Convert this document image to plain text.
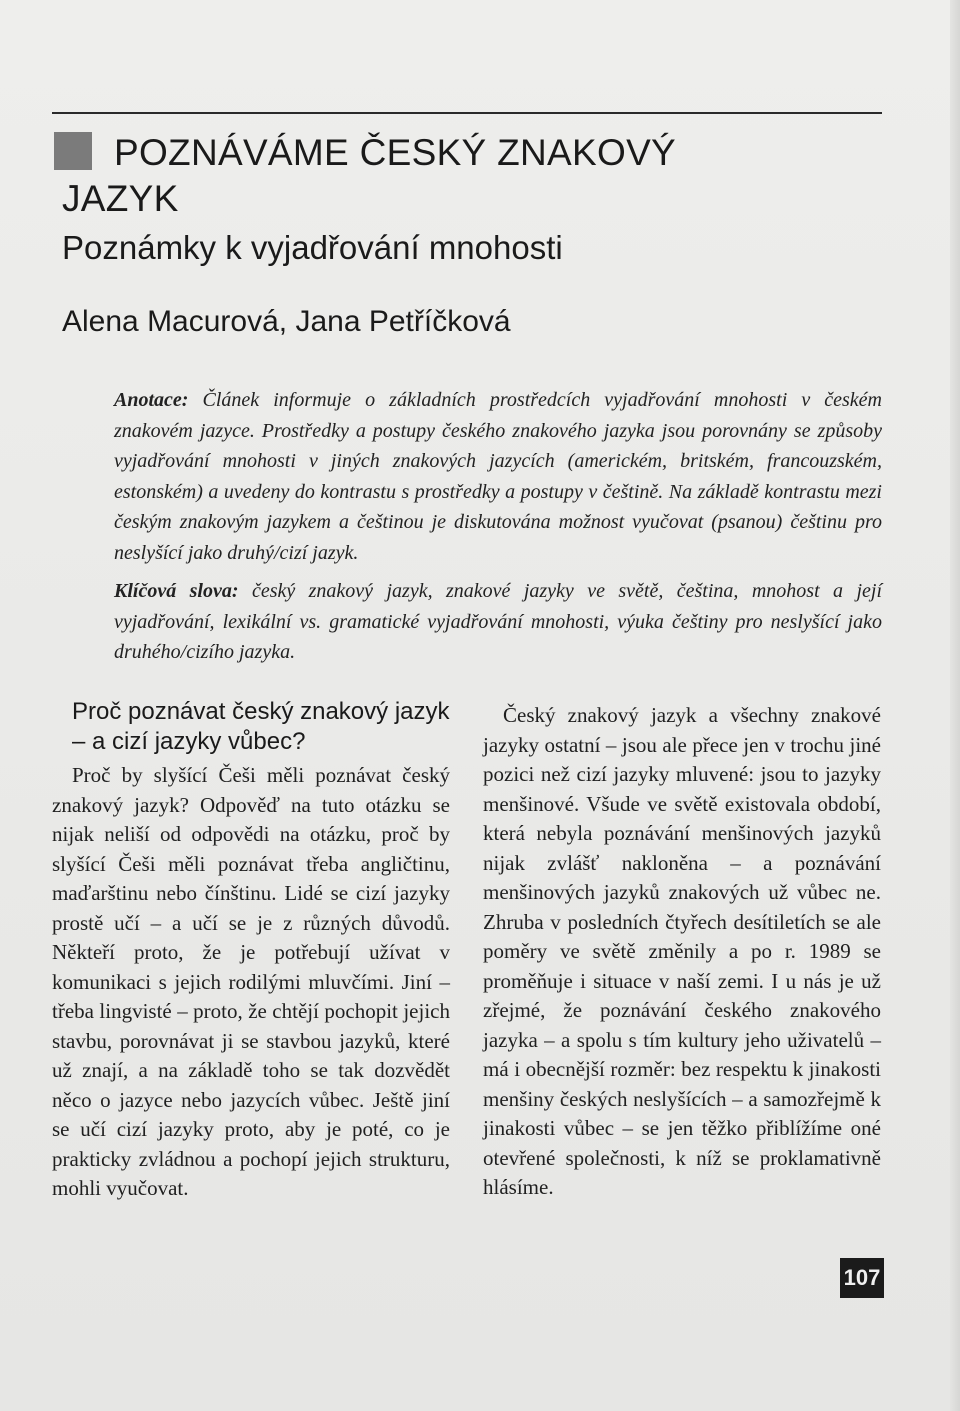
POZNÁVÁME ČESKÝ ZNAKOVÝ
JAZYK
Poznámky k vyjadřování mnohosti
Alena Macurová, Jana Petříčková

Anotace: Článek informuje o základních prostředcích vyjadřování mnohosti v českém znakovém jazyce. Prostředky a postupy českého znakového jazyka jsou porovnány se způsoby vyjadřování mnohosti v jiných znakových jazycích (americkém, britském, francouzském, estonském) a uvedeny do kontrastu s prostředky a postupy v češtině. Na základě kontrastu mezi českým znakovým jazykem a češtinou je diskutována možnost vyučovat (psanou) češtinu pro neslyšící jako druhý/cizí jazyk.

Klíčová slova: český znakový jazyk, znakové jazyky ve světě, čeština, mnohost a její vyjadřování, lexikální vs. gramatické vyjadřování mnohosti, výuka češtiny pro neslyšící jako druhého/cizího jazyka.

Proč poznávat český znakový jazyk – a cizí jazyky vůbec?

Proč by slyšící Češi měli poznávat český znakový jazyk? Odpověď na tuto otázku se nijak neliší od odpovědi na otázku, proč by slyšící Češi měli poznávat třeba angličtinu, maďarštinu nebo čínštinu. Lidé se cizí jazyky prostě učí – a učí se je z různých důvodů. Někteří proto, že je potřebují užívat v komunikaci s jejich rodilými mluvčími. Jiní – třeba lingvisté – proto, že chtějí pochopit jejich stavbu, porovnávat ji se stavbou jazyků, které už znají, a na základě toho se tak dozvědět něco o jazyce nebo jazycích vůbec. Ještě jiní se učí cizí jazyky proto, aby je poté, co je prakticky zvládnou a pochopí jejich strukturu, mohli vyučovat.

Český znakový jazyk a všechny znakové jazyky ostatní – jsou ale přece jen v trochu jiné pozici než cizí jazyky mluvené: jsou to jazyky menšinové. Všude ve světě existovala období, která nebyla poznávání menšinových jazyků nijak zvlášť nakloněna – a poznávání menšinových jazyků znakových už vůbec ne. Zhruba v posledních čtyřech desítiletích se ale poměry ve světě změnily a po r. 1989 se proměňuje i situace v naší zemi. I u nás je už zřejmé, že poznávání českého znakového jazyka – a spolu s tím kultury jeho uživatelů – má i obecnější rozměr: bez respektu k jinakosti menšiny českých neslyšících – a samozřejmě k jinakosti vůbec – se jen těžko přiblížíme oné otevřené společnosti, k níž se proklamativně hlásíme.

107
